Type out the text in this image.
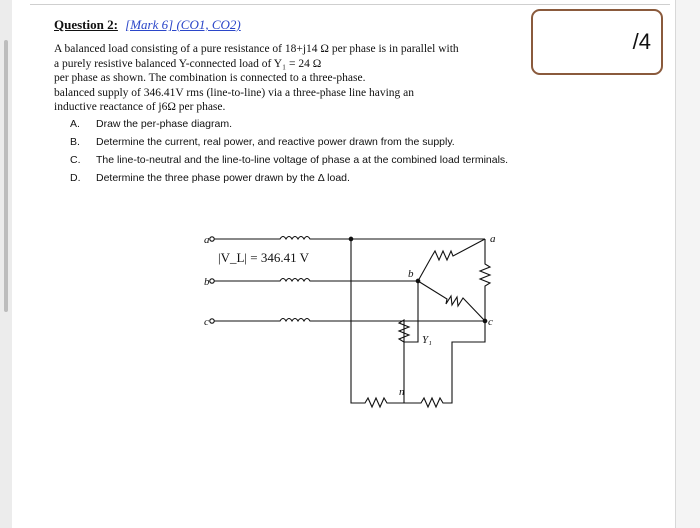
Question 2: [Mark 6] (CO1, CO2)
/4
A balanced load consisting of a pure resistance of 18+j14 Ω per phase is in parallel with
a purely resistive balanced Y-connected load of Y₁ = 24 Ω
per phase as shown. The combination is connected to a three-phase.
balanced supply of 346.41V rms (line-to-line) via a three-phase line having an
inductive reactance of j6Ω per phase.
A. Draw the per-phase diagram.
B. Determine the current, real power, and reactive power drawn from the supply.
C. The line-to-neutral and the line-to-line voltage of phase a at the combined load terminals.
D. Determine the three phase power drawn by the Δ load.
a
b
c
|V_L| = 346.41 V
a
b
c
Y₁
n
